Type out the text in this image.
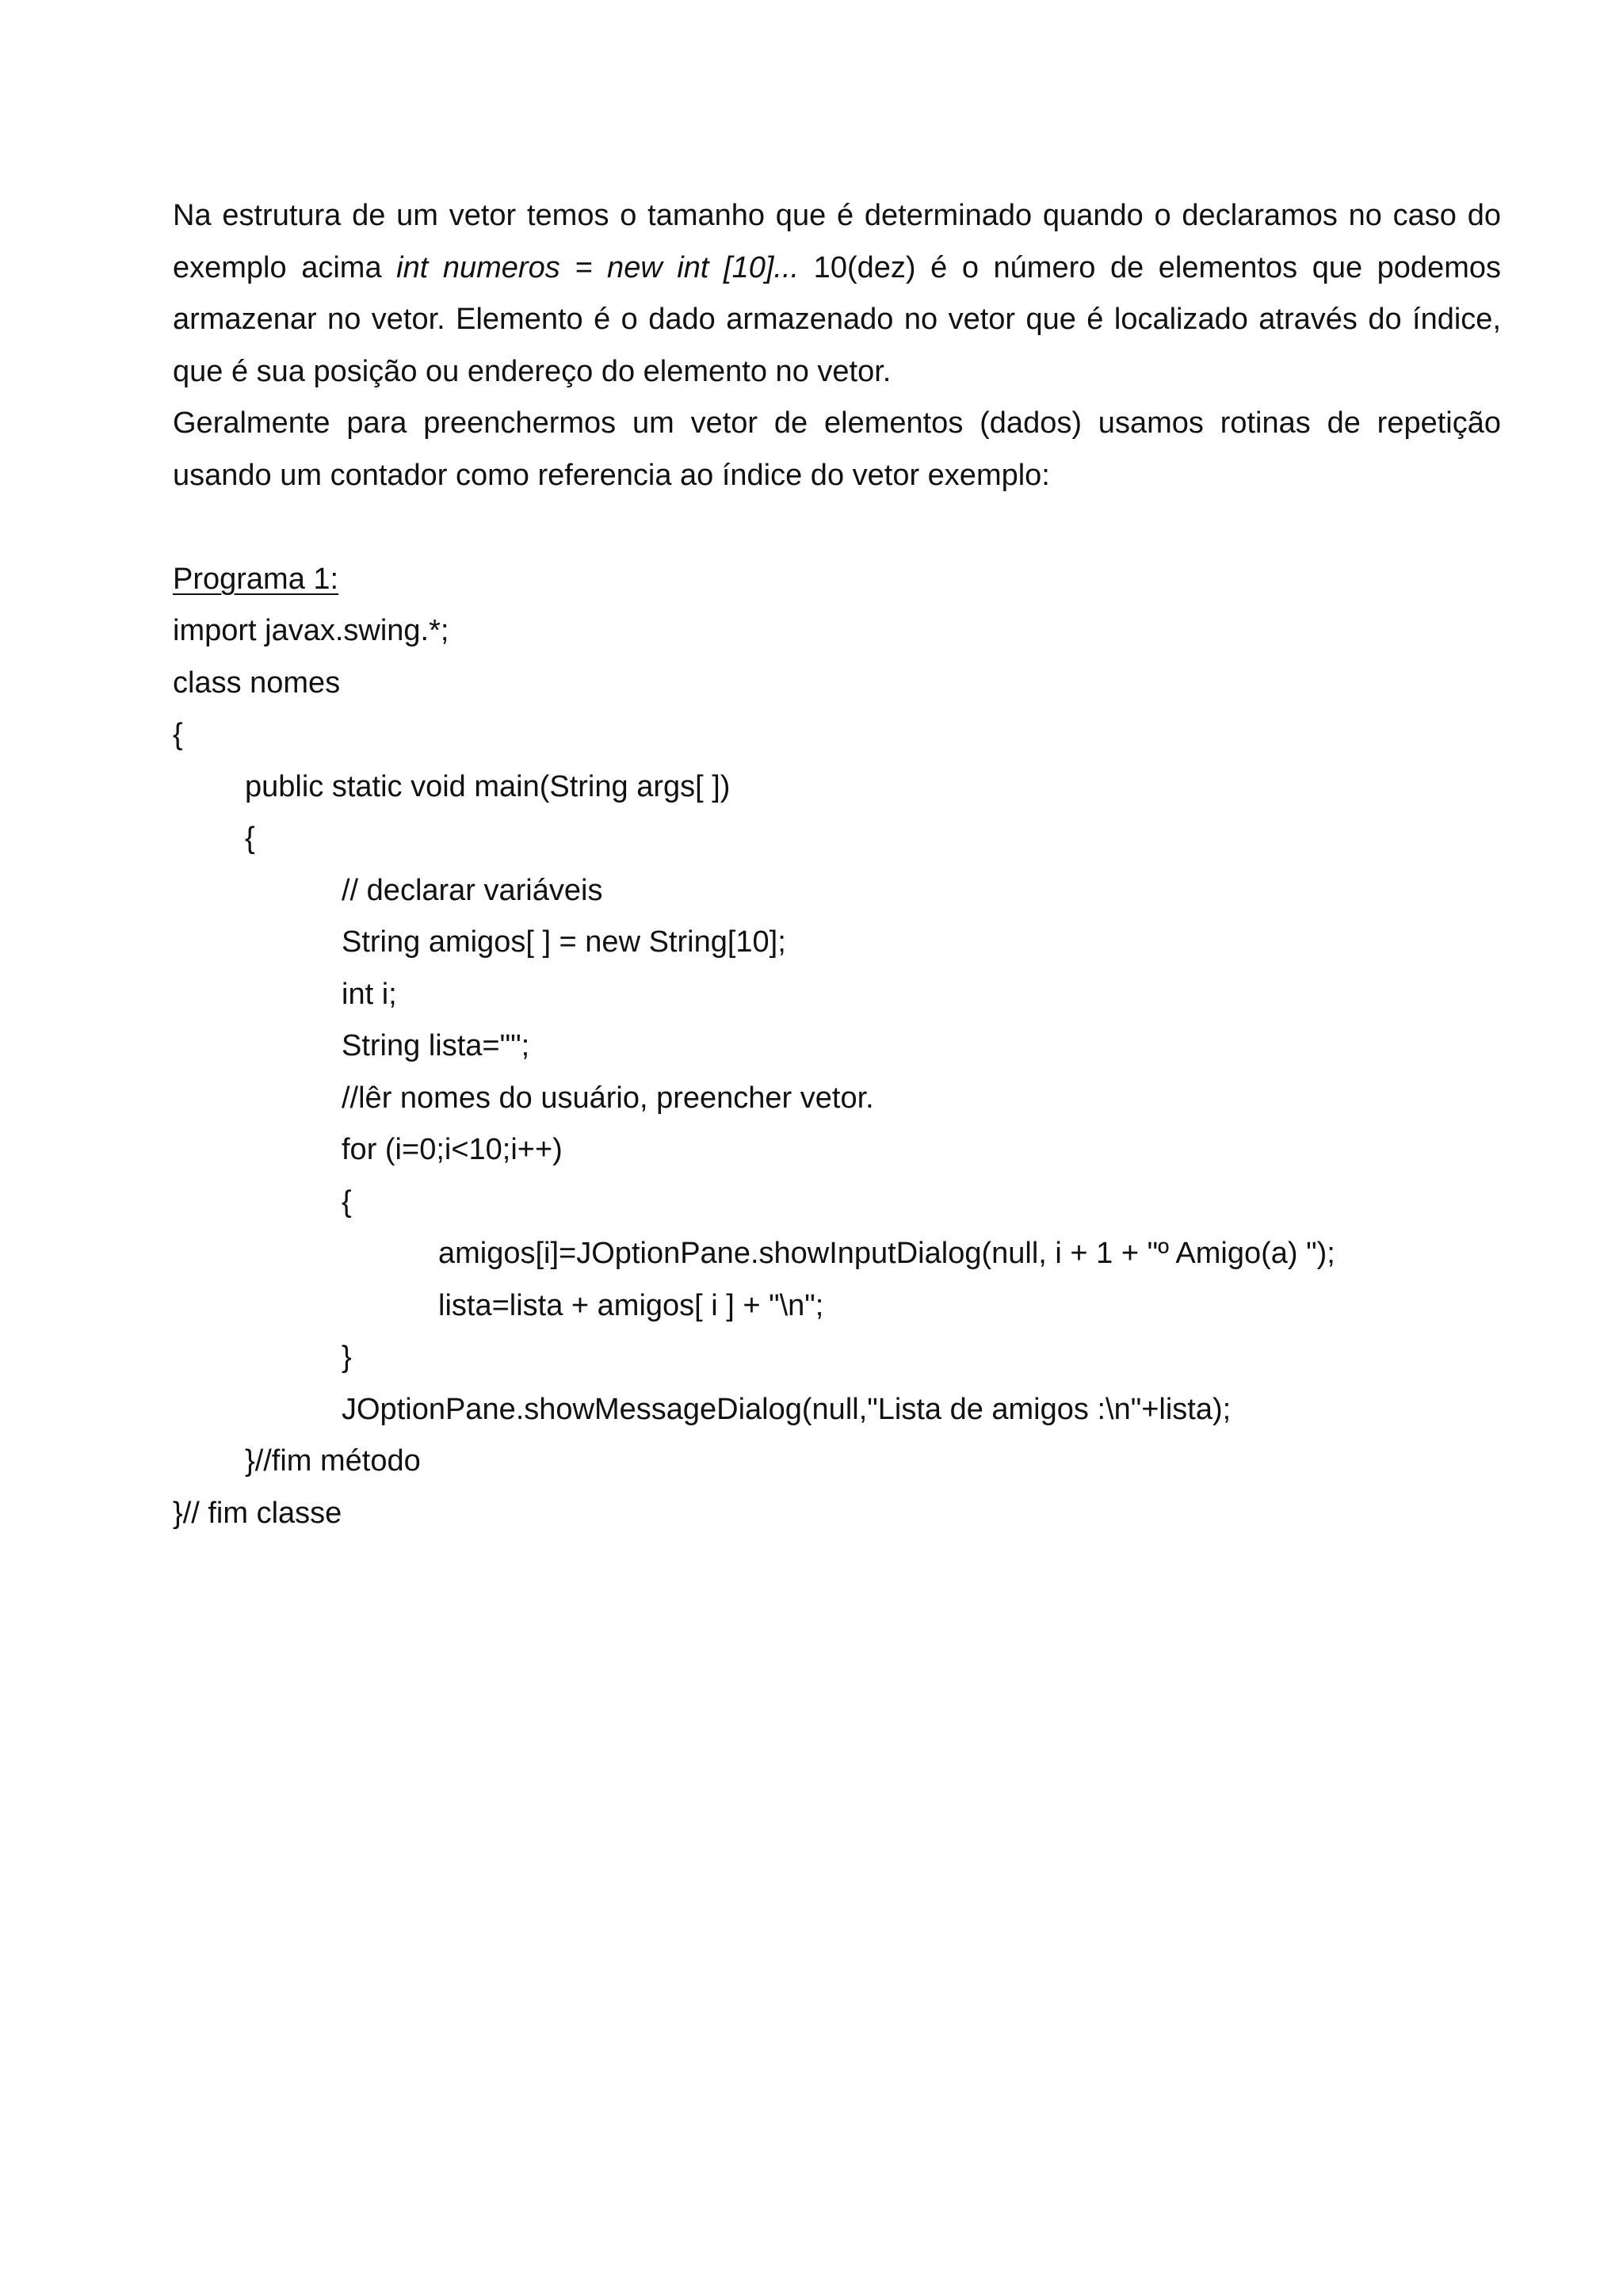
Na estrutura de um vetor temos o tamanho que é determinado quando o declaramos no caso do exemplo acima int numeros = new int [10]... 10(dez) é o número de elementos que podemos armazenar no vetor. Elemento é o dado armazenado no vetor que é localizado através do índice, que é sua posição ou endereço do elemento no vetor.

Geralmente para preenchermos um vetor de elementos (dados) usamos rotinas de repetição usando um contador como referencia ao índice do vetor exemplo:

Programa 1:

import javax.swing.*;

class nomes

{

public static void main(String args[ ])

{

// declarar variáveis

String amigos[ ] = new String[10];

int i;

String lista="";

//lêr nomes do usuário, preencher vetor.

for (i=0;i<10;i++)

{

amigos[i]=JOptionPane.showInputDialog(null, i + 1 + "º Amigo(a) ");

lista=lista + amigos[ i ] + "\n";

}

JOptionPane.showMessageDialog(null,"Lista de amigos :\n"+lista);

}//fim método

}// fim classe
